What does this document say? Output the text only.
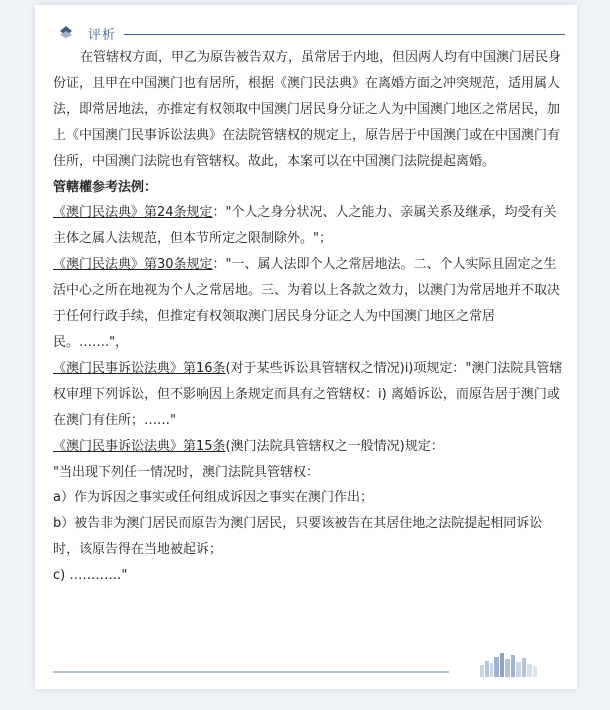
评析

在管辖权方面，甲乙为原告被告双方，虽常居于内地，但因两人均有中国澳门居民身份证，且甲在中国澳门也有居所，根据《澳门民法典》在离婚方面之冲突规范，适用属人法，即常居地法，亦推定有权领取中国澳门居民身分证之人为中国澳门地区之常居民，加上《中国澳门民事诉讼法典》在法院管辖权的规定上，原告居于中国澳门或在中国澳门有住所，中国澳门法院也有管辖权。故此，本案可以在中国澳门法院提起离婚。

管轄權参考法例：

《澳门民法典》第24条规定："个人之身分状况、人之能力、亲属关系及继承，均受有关主体之属人法规范，但本节所定之限制除外。"；

《澳门民法典》第30条规定："一、属人法即个人之常居地法。二、个人实际且固定之生活中心之所在地视为个人之常居地。三、为着以上各款之效力，以澳门为常居地并不取决于任何行政手续，但推定有权领取澳门居民身分证之人为中国澳门地区之常居民。……."，

《澳门民事诉讼法典》第16条(对于某些诉讼具管辖权之情况)i)项规定："澳门法院具管辖权审理下列诉讼，但不影响因上条规定而具有之管辖权：i) 离婚诉讼，而原告居于澳门或在澳门有住所；……"

《澳门民事诉讼法典》第15条(澳门法院具管辖权之一般情况)规定：

"当出现下列任一情况时，澳门法院具管辖权：

a）作为诉因之事实或任何组成诉因之事实在澳门作出；

b）被告非为澳门居民而原告为澳门居民，只要该被告在其居住地之法院提起相同诉讼时，该原告得在当地被起诉；

c) …………"
